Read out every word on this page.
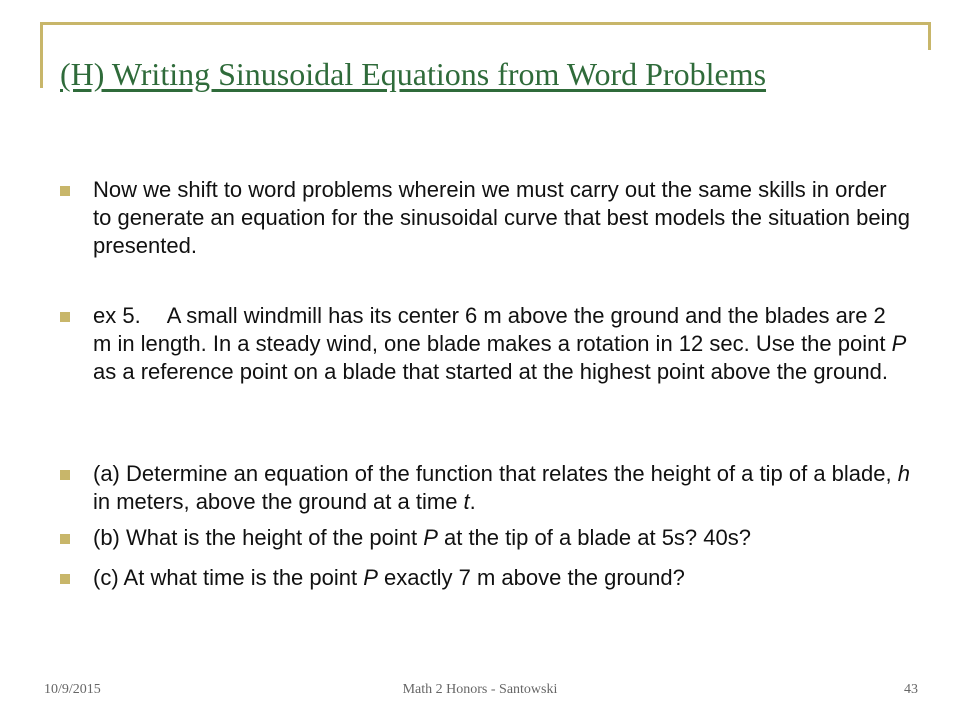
(H) Writing Sinusoidal Equations from Word Problems
Now we shift to word problems wherein we must carry out the same skills in order to generate an equation for the sinusoidal curve that best models the situation being presented.
ex 5. A small windmill has its center 6 m above the ground and the blades are 2 m in length. In a steady wind, one blade makes a rotation in 12 sec. Use the point P as a reference point on a blade that started at the highest point above the ground.
(a) Determine an equation of the function that relates the height of a tip of a blade, h in meters, above the ground at a time t.
(b) What is the height of the point P at the tip of a blade at 5s? 40s?
(c) At what time is the point P exactly 7 m above the ground?
10/9/2015	Math 2 Honors - Santowski	43
